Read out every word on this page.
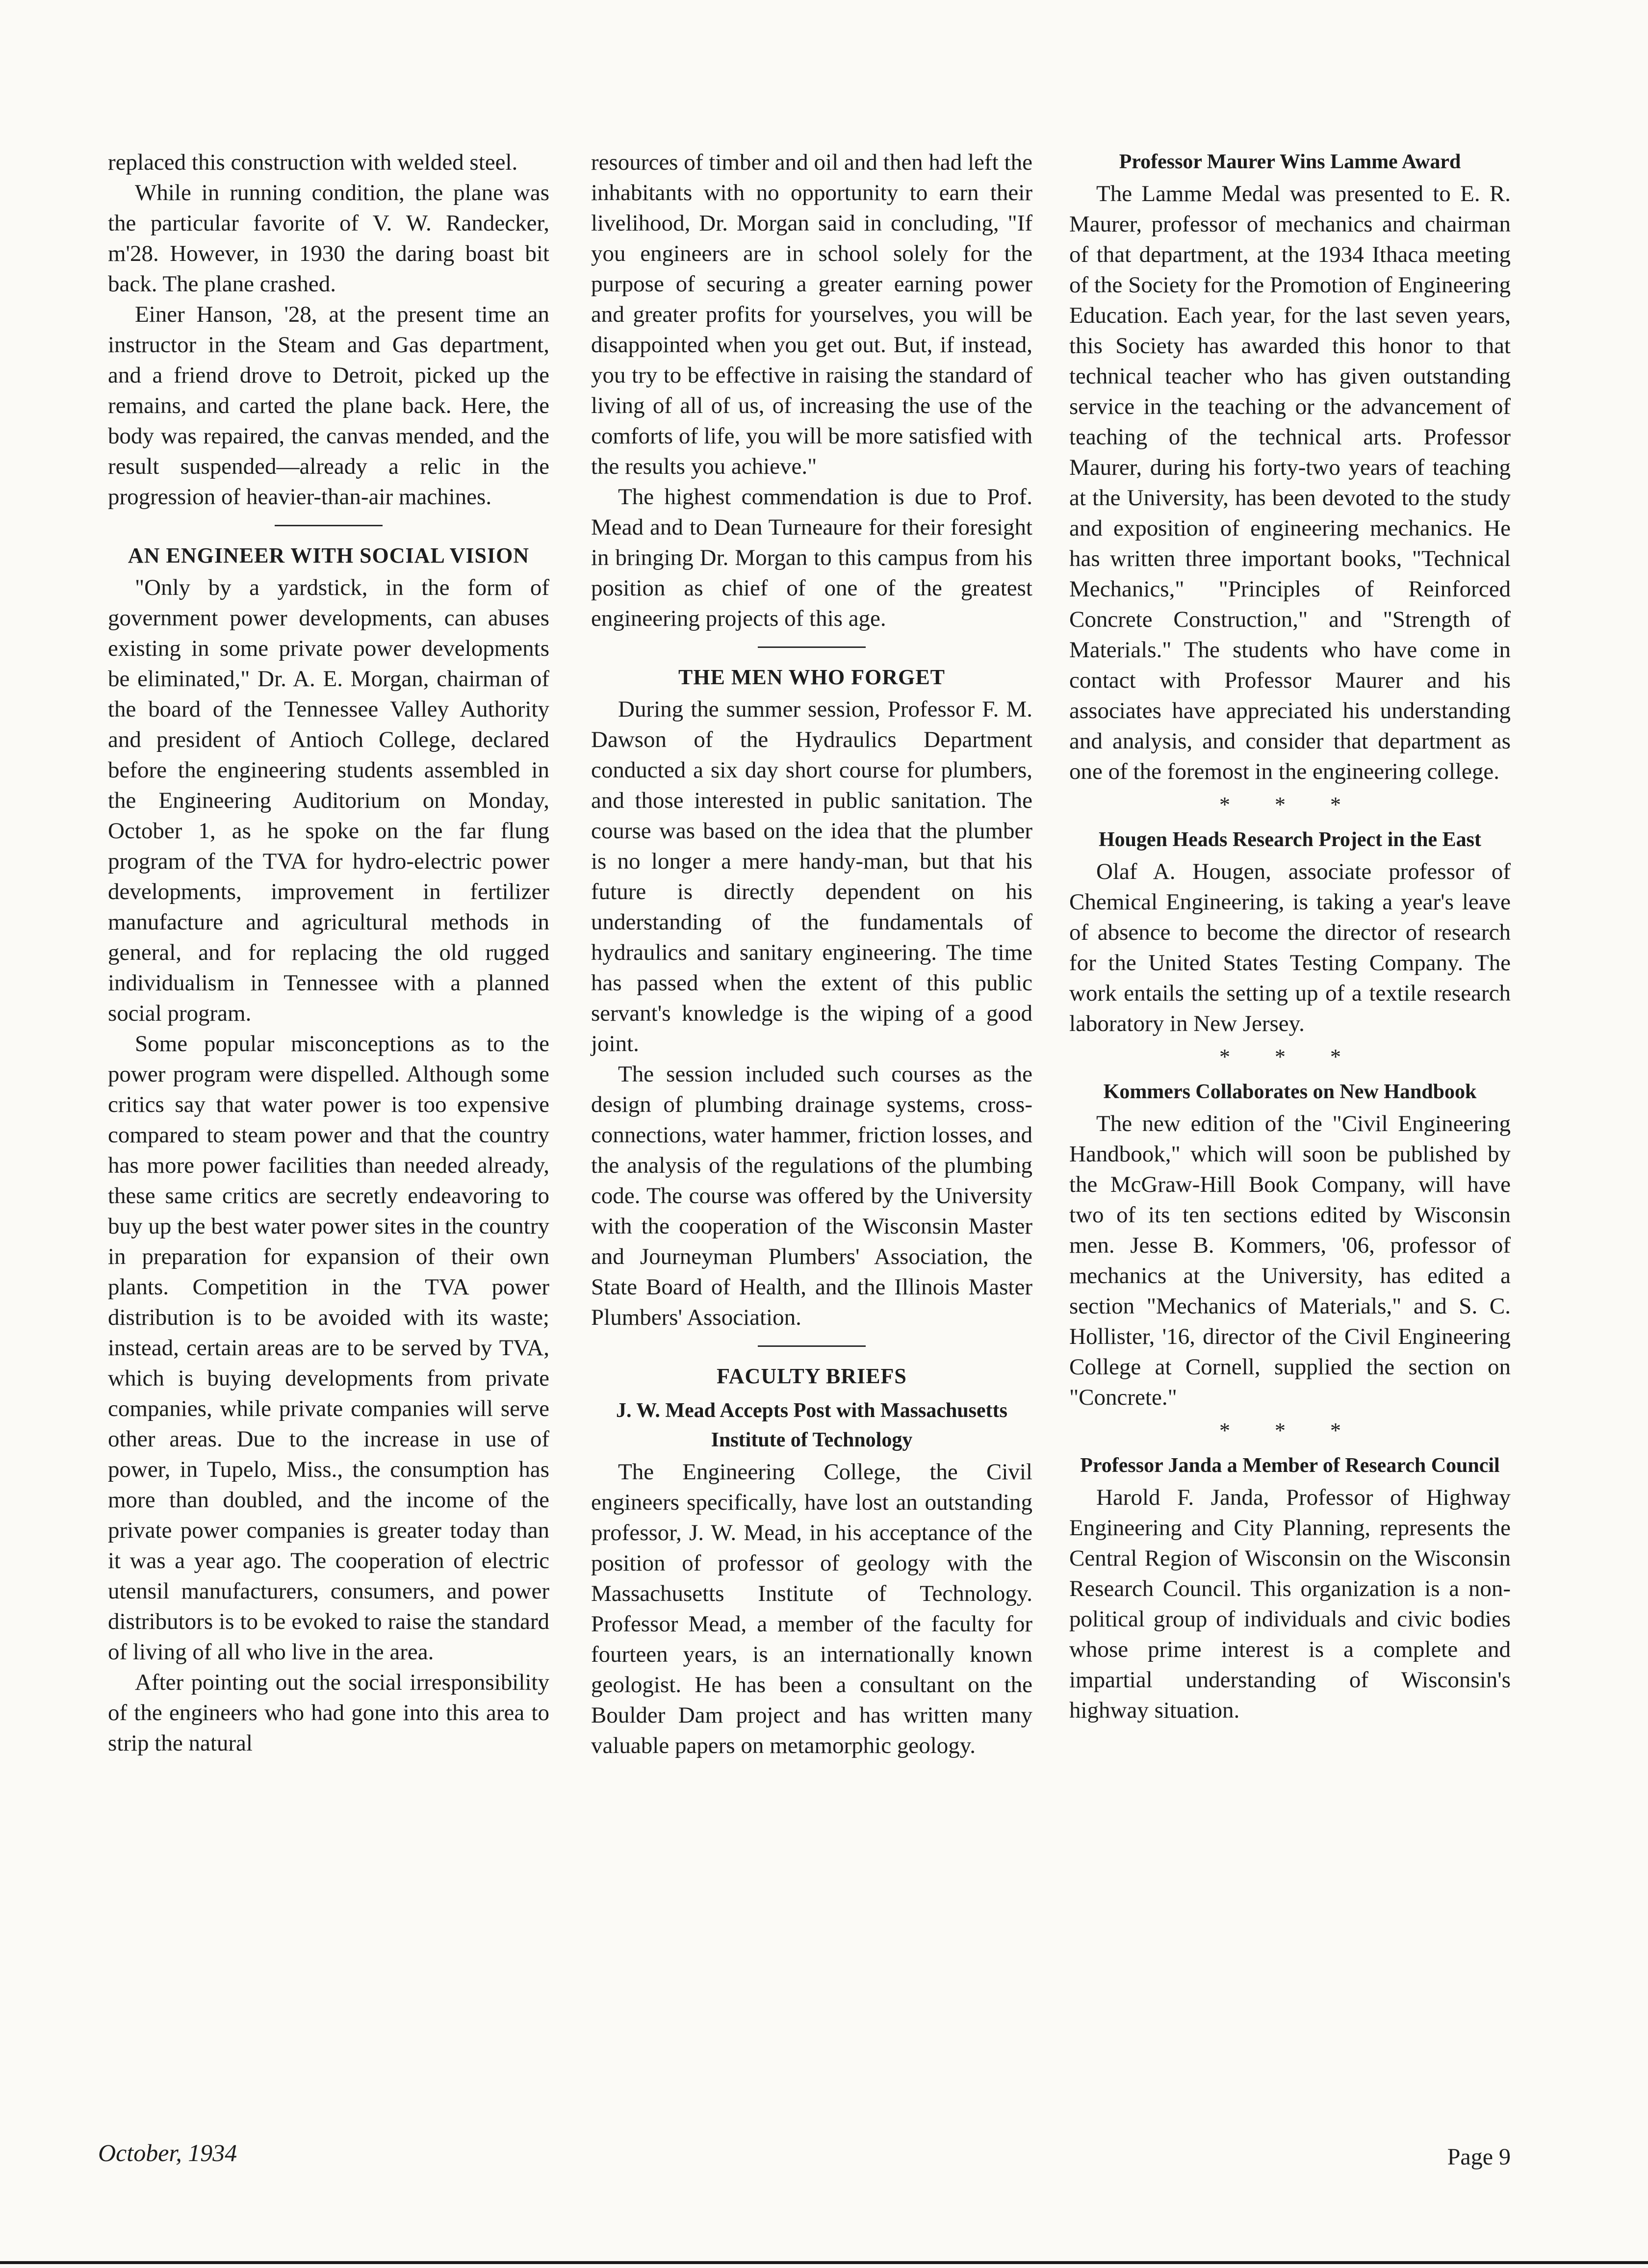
replaced this construction with welded steel.

While in running condition, the plane was the particular favorite of V. W. Randecker, m'28. However, in 1930 the daring boast bit back. The plane crashed.

Einer Hanson, '28, at the present time an instructor in the Steam and Gas department, and a friend drove to Detroit, picked up the remains, and carted the plane back. Here, the body was repaired, the canvas mended, and the result suspended—already a relic in the progression of heavier-than-air machines.

AN ENGINEER WITH SOCIAL VISION

"Only by a yardstick, in the form of government power developments, can abuses existing in some private power developments be eliminated," Dr. A. E. Morgan, chairman of the board of the Tennessee Valley Authority and president of Antioch College, declared before the engineering students assembled in the Engineering Auditorium on Monday, October 1, as he spoke on the far flung program of the TVA for hydro-electric power developments, improvement in fertilizer manufacture and agricultural methods in general, and for replacing the old rugged individualism in Tennessee with a planned social program.

Some popular misconceptions as to the power program were dispelled. Although some critics say that water power is too expensive compared to steam power and that the country has more power facilities than needed already, these same critics are secretly endeavoring to buy up the best water power sites in the country in preparation for expansion of their own plants. Competition in the TVA power distribution is to be avoided with its waste; instead, certain areas are to be served by TVA, which is buying developments from private companies, while private companies will serve other areas. Due to the increase in use of power, in Tupelo, Miss., the consumption has more than doubled, and the income of the private power companies is greater today than it was a year ago. The cooperation of electric utensil manufacturers, consumers, and power distributors is to be evoked to raise the standard of living of all who live in the area.

After pointing out the social irresponsibility of the engineers who had gone into this area to strip the natural

resources of timber and oil and then had left the inhabitants with no opportunity to earn their livelihood, Dr. Morgan said in concluding, "If you engineers are in school solely for the purpose of securing a greater earning power and greater profits for yourselves, you will be disappointed when you get out. But, if instead, you try to be effective in raising the standard of living of all of us, of increasing the use of the comforts of life, you will be more satisfied with the results you achieve."

The highest commendation is due to Prof. Mead and to Dean Turneaure for their foresight in bringing Dr. Morgan to this campus from his position as chief of one of the greatest engineering projects of this age.

THE MEN WHO FORGET

During the summer session, Professor F. M. Dawson of the Hydraulics Department conducted a six day short course for plumbers, and those interested in public sanitation. The course was based on the idea that the plumber is no longer a mere handy-man, but that his future is directly dependent on his understanding of the fundamentals of hydraulics and sanitary engineering. The time has passed when the extent of this public servant's knowledge is the wiping of a good joint.

The session included such courses as the design of plumbing drainage systems, cross-connections, water hammer, friction losses, and the analysis of the regulations of the plumbing code. The course was offered by the University with the cooperation of the Wisconsin Master and Journeyman Plumbers' Association, the State Board of Health, and the Illinois Master Plumbers' Association.

FACULTY BRIEFS
J. W. Mead Accepts Post with Massachusetts Institute of Technology

The Engineering College, the Civil engineers specifically, have lost an outstanding professor, J. W. Mead, in his acceptance of the position of professor of geology with the Massachusetts Institute of Technology. Professor Mead, a member of the faculty for fourteen years, is an internationally known geologist. He has been a consultant on the Boulder Dam project and has written many valuable papers on metamorphic geology.

Professor Maurer Wins Lamme Award

The Lamme Medal was presented to E. R. Maurer, professor of mechanics and chairman of that department, at the 1934 Ithaca meeting of the Society for the Promotion of Engineering Education. Each year, for the last seven years, this Society has awarded this honor to that technical teacher who has given outstanding service in the teaching or the advancement of teaching of the technical arts. Professor Maurer, during his forty-two years of teaching at the University, has been devoted to the study and exposition of engineering mechanics. He has written three important books, "Technical Mechanics," "Principles of Reinforced Concrete Construction," and "Strength of Materials." The students who have come in contact with Professor Maurer and his associates have appreciated his understanding and analysis, and consider that department as one of the foremost in the engineering college.

* * *
Hougen Heads Research Project in the East

Olaf A. Hougen, associate professor of Chemical Engineering, is taking a year's leave of absence to become the director of research for the United States Testing Company. The work entails the setting up of a textile research laboratory in New Jersey.

* * *
Kommers Collaborates on New Handbook

The new edition of the "Civil Engineering Handbook," which will soon be published by the McGraw-Hill Book Company, will have two of its ten sections edited by Wisconsin men. Jesse B. Kommers, '06, professor of mechanics at the University, has edited a section "Mechanics of Materials," and S. C. Hollister, '16, director of the Civil Engineering College at Cornell, supplied the section on "Concrete."

* * *
Professor Janda a Member of Research Council

Harold F. Janda, Professor of Highway Engineering and City Planning, represents the Central Region of Wisconsin on the Wisconsin Research Council. This organization is a non-political group of individuals and civic bodies whose prime interest is a complete and impartial understanding of Wisconsin's highway situation.

October, 1934	Page 9
